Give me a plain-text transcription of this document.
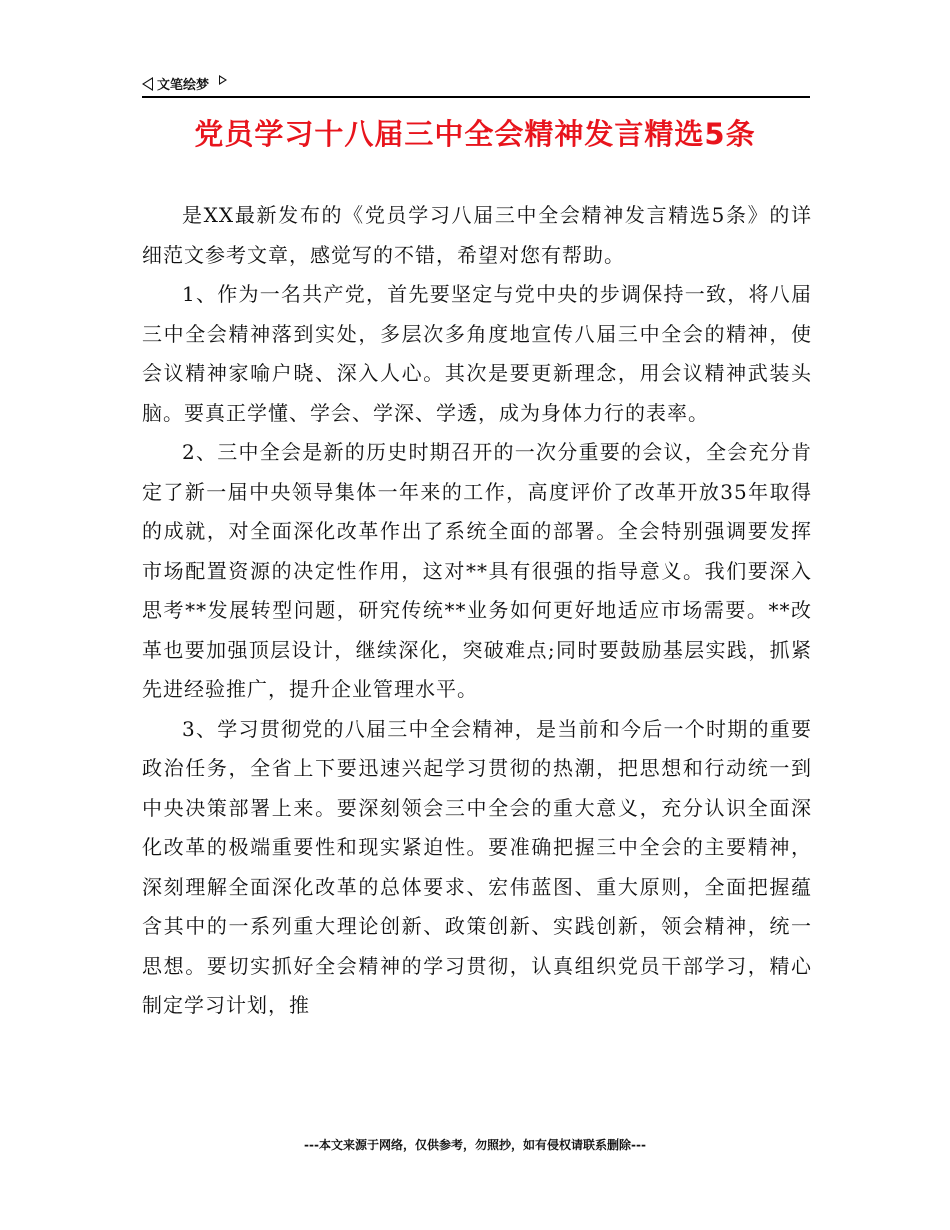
文笔绘梦
党员学习十八届三中全会精神发言精选5条

是XX最新发布的《党员学习八届三中全会精神发言精选5条》的详细范文参考文章，感觉写的不错，希望对您有帮助。

1、作为一名共产党，首先要坚定与党中央的步调保持一致，将八届三中全会精神落到实处，多层次多角度地宣传八届三中全会的精神，使会议精神家喻户晓、深入人心。其次是要更新理念，用会议精神武装头脑。要真正学懂、学会、学深、学透，成为身体力行的表率。

2、三中全会是新的历史时期召开的一次分重要的会议，全会充分肯定了新一届中央领导集体一年来的工作，高度评价了改革开放35年取得的成就，对全面深化改革作出了系统全面的部署。全会特别强调要发挥市场配置资源的决定性作用，这对**具有很强的指导意义。我们要深入思考**发展转型问题，研究传统**业务如何更好地适应市场需要。**改革也要加强顶层设计，继续深化，突破难点;同时要鼓励基层实践，抓紧先进经验推广，提升企业管理水平。

3、学习贯彻党的八届三中全会精神，是当前和今后一个时期的重要政治任务，全省上下要迅速兴起学习贯彻的热潮，把思想和行动统一到中央决策部署上来。要深刻领会三中全会的重大意义，充分认识全面深化改革的极端重要性和现实紧迫性。要准确把握三中全会的主要精神，深刻理解全面深化改革的总体要求、宏伟蓝图、重大原则，全面把握蕴含其中的一系列重大理论创新、政策创新、实践创新，领会精神，统一思想。要切实抓好全会精神的学习贯彻，认真组织党员干部学习，精心制定学习计划，推

---本文来源于网络，仅供参考，勿照抄，如有侵权请联系删除---
